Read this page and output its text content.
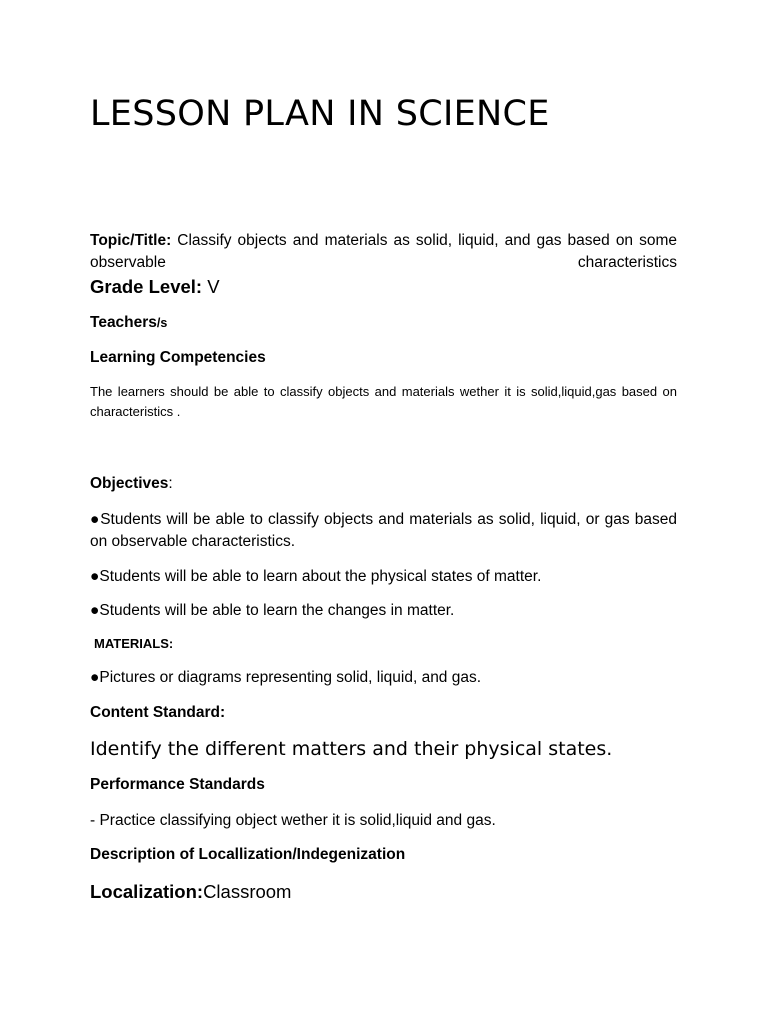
LESSON PLAN IN SCIENCE

Topic/Title: Classify objects and materials as solid, liquid, and gas based on some observable characteristics

Grade Level: V

Teachers/s

Learning Competencies

The learners should be able to classify objects and materials wether it is solid,liquid,gas based on characteristics .

Objectives:

●Students will be able to classify objects and materials as solid, liquid, or gas based on observable characteristics.

●Students will be able to learn about the physical states of matter.

●Students will be able to learn the changes in matter.

MATERIALS:

●Pictures or diagrams representing solid, liquid, and gas.

Content Standard:

Identify the different matters and their physical states.

Performance Standards

- Practice classifying object wether it is solid,liquid and gas.

Description of Locallization/Indegenization

Localization:Classroom
